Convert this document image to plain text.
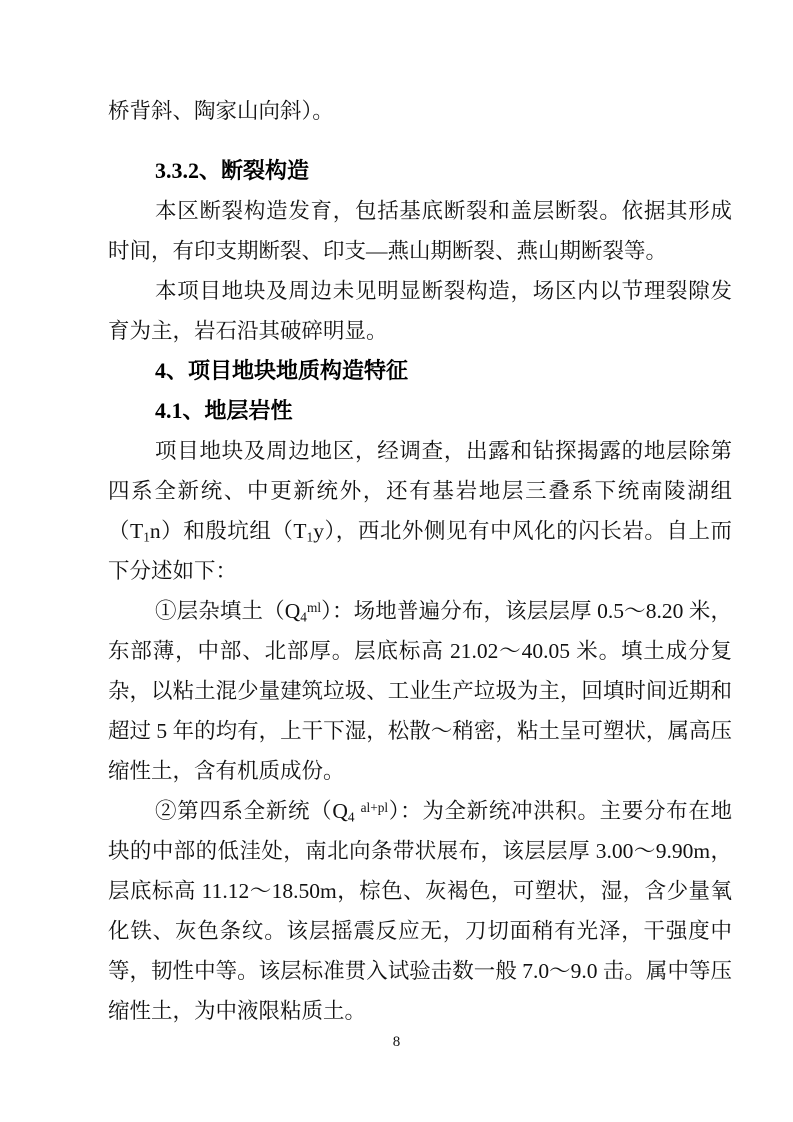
桥背斜、陶家山向斜）。

3.3.2、断裂构造

本区断裂构造发育，包括基底断裂和盖层断裂。依据其形成时间，有印支期断裂、印支—燕山期断裂、燕山期断裂等。

本项目地块及周边未见明显断裂构造，场区内以节理裂隙发育为主，岩石沿其破碎明显。

4、项目地块地质构造特征
4.1、地层岩性

项目地块及周边地区，经调查，出露和钻探揭露的地层除第四系全新统、中更新统外，还有基岩地层三叠系下统南陵湖组$(T_1n)$和殷坑组$(T_1y)$，西北外侧见有中风化的闪长岩。自上而下分述如下：

①层杂填土$(Q_4^{ml})$：场地普遍分布，该层层厚 0.5～8.20 米，东部薄，中部、北部厚。层底标高 21.02～40.05 米。填土成分复杂，以粘土混少量建筑垃圾、工业生产垃圾为主，回填时间近期和超过 5 年的均有，上干下湿，松散～稍密，粘土呈可塑状，属高压缩性土，含有机质成份。

②第四系全新统（$Q_4$ $^{al+pl}$）：为全新统冲洪积。主要分布在地块的中部的低洼处，南北向条带状展布，该层层厚 3.00～9.90m，层底标高 11.12～18.50m，棕色、灰褐色，可塑状，湿，含少量氧化铁、灰色条纹。该层摇震反应无，刀切面稍有光泽，干强度中等，韧性中等。该层标准贯入试验击数一般 7.0～9.0 击。属中等压缩性土，为中液限粘质土。

8
